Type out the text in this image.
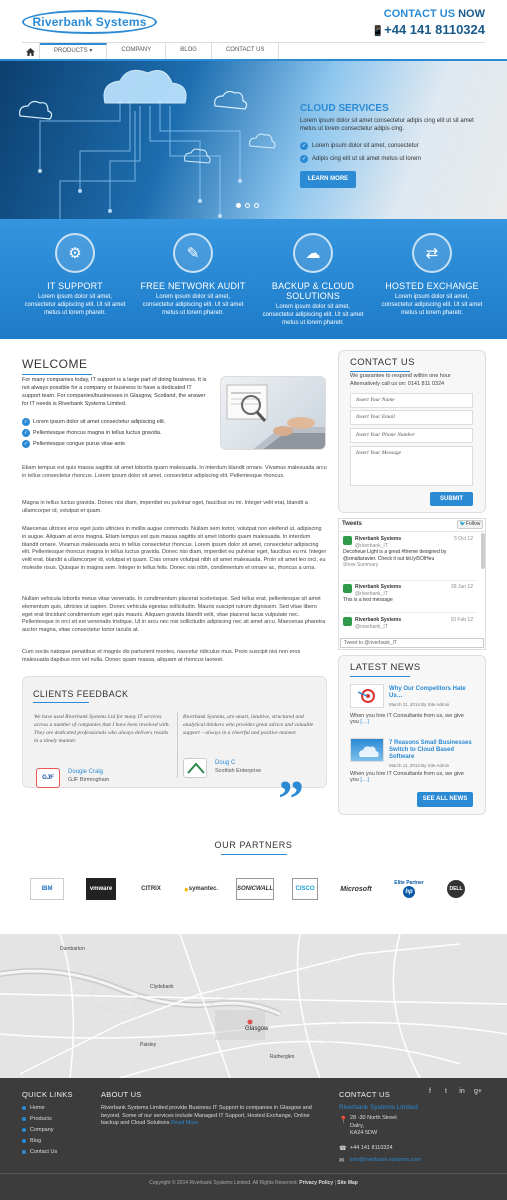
Riverbank Systems
CONTACT US NOW
📱+44 141 8110324
PRODUCTS ▾	COMPANY	BLOG	CONTACT US
CLOUD SERVICES
Lorem ipsum dolor sit amet consectetur adipis cing elit ut sit amet metus ut lorem consectetur adipis cing.
✓ Lorem ipsum dolor sit amet, consectetur
✓ Adipis cing elit ut sit amet metus ut lorem
LEARN MORE
⚙
IT SUPPORT
Lorem ipsum dolor sit amet, consectetur adipiscing elit. Ut sit amet metus ut lorem pharetr.
✎
FREE NETWORK AUDIT
Lorem ipsum dolor sit amet, consectetur adipiscing elit. Ut sit amet metus ut lorem pharetr.
☁
BACKUP & CLOUD SOLUTIONS
Lorem ipsum dolor sit amet, consectetur adipiscing elit. Ut sit amet metus ut lorem pharetr.
⇄
HOSTED EXCHANGE
Lorem ipsum dolor sit amet, consectetur adipiscing elit. Ut sit amet metus ut lorem pharetr.
WELCOME
For many companies today, IT support is a large part of doing business. It is not always possible for a company or business to have a dedicated IT support team. For companies/businesses in Glasgow, Scotland, the answer for IT needs is Riverbank Systems Limited.
✓ Lorem ipsum dolor sit amet consectetur adipiscing elit.
✓ Pellentesque rhoncus magna in tellus luctus gravida.
✓ Pellentesque congue purus vitae ante
Etiam tempus est quis massa sagittis sit amet lobortis quam malesuada. In interdum blandit ornare. Vivamus malesuada arcu in tellus consectetur rhoncus. Lorem ipsum dolor sit amet, consectetur adipiscing elit. Pellentesque rhoncus.
Magna in tellus luctus gravida. Donec nisi diam, imperdiet eu pulvinar eget, faucibus eu mi. Integer velit erat, blandit a ullamcorper id, volutpat et quam.
Maecenas ultrices eros eget justo ultricies in mollis augue commodo. Nullam sem tortor, volutpat non eleifend ut, adipiscing in augue. Aliquam at eros magna. Etiam tempus est quis massa sagittis sit amet lobortis quam malesuada. In interdum blandit ornare. Vivamus malesuada arcu in tellus consectetur rhoncus. Lorem ipsum dolor sit amet, consectetur adipiscing elit. Pellentesque rhoncus magna in tellus luctus gravida. Donec nisi diam, imperdiet eu pulvinar eget, faucibus eu mi. Integer velit erat, blandit a ullamcorper id, volutpat et quam. Cras ornare volutpat nibh sit amet malesuada. Proin sit amet leo orci, eu molestie risus. Quisque in magna sem. Integer in tellus felis. Donec nisi nibh, condimentum et ornare ac, rhoncus a urna.
Nullam vehicula lobortis metus vitae venenatis. In condimentum placerat scelerisque. Sed tellus erat, pellentesque sit amet elementum quis, ultricies ut sapien. Donec vehicula egestas sollicitudin. Mauris suscipit rutrum dignissim. Sed vitae libero eget erat tincidunt condimentum eget quis mauris. Aliquam gravida blandit velit, vitae placerat lacus vulputate nec. Pellentesque in orci sit est venenatis tristique. Ut in arcu nec nisi sollicitudin adipiscing nec sit amet arcu. Maecenas pharetra auctor magna, vitae consectetur tortor iaculis at.
Cum sociis natoque penatibus et magnis dis parturient montes, nascetur ridiculus mus. Proin suscipit nisi non eros malesuada dapibus non vel nulla. Donec quam massa, aliquam at rhoncus laoreet.
CLIENTS FEEDBACK
We have used Riverbank Systems Ltd for many IT services across a number of companies that I have been involved with. They are dedicated professionals who always delivers results in a timely manner.
GJF
Dougie Craig
GJF Birmingham
Riverbank Systems, are smart, intuitive, structured and analytical thinkers who provides great advice and valuable support – always in a cheerful and positive manner.
Doug C
Scottish Enterprise ”
CONTACT US
We guarantee to respond within one hour Alternatively call us on: 0141 811 0324
Insert Your Name
Insert Your Email
Insert Your Phone Number
Insert Your Message
SUBMIT
Tweets	🐦Follow
Riverbank Systems
@riverbank_IT
5 Oct 12
Decoheue Light is a great #theme designed by @smaltaravier. Check it out bit.ly/5OlHeu
Show Summary
Riverbank Systems
@riverbank_IT
26 Jun 12
This is a test message
Riverbank Systems
@riverbank_IT
10 Feb 12
Tweet to @riverbank_IT
LATEST NEWS
Why Our Competitors Hate Us…
March 11, 2014 By Site Admin
When you hire IT Consultants from us, we give you […]
7 Reasons Small Businesses Switch to Cloud Based Software
March 11, 2014 By Site Admin
When you hire IT Consultants from us, we give you […]
SEE ALL NEWS
OUR PARTNERS
IBM	vmware	CITRIX	● symantec.	SONICWALL	CISCO	Microsoft
Elite Partner
hp	DELL
Glasgow
Paisley
Rutherglen
Dumbarton
Clydebank
QUICK LINKS
Home
Products
Company
Blog
Contact Us
ABOUT US
Riverbank Systems Limited provide Business IT Support to companies in Glasgow and beyond. Some of our services include Managed IT Support, Hosted Exchange, Online backup and Cloud Solutions Read More
CONTACT US	f	t	in	g+
Riverbank Systems Limited
📍 28 -30 North Street
Dalry,
KA24 5DW
☎ +44 141 8110324
✉ info@riverbank-systems.com
Copyright © 2014 Riverbank Systems Limited. All Rights Reserved. Privacy Policy | Site Map
